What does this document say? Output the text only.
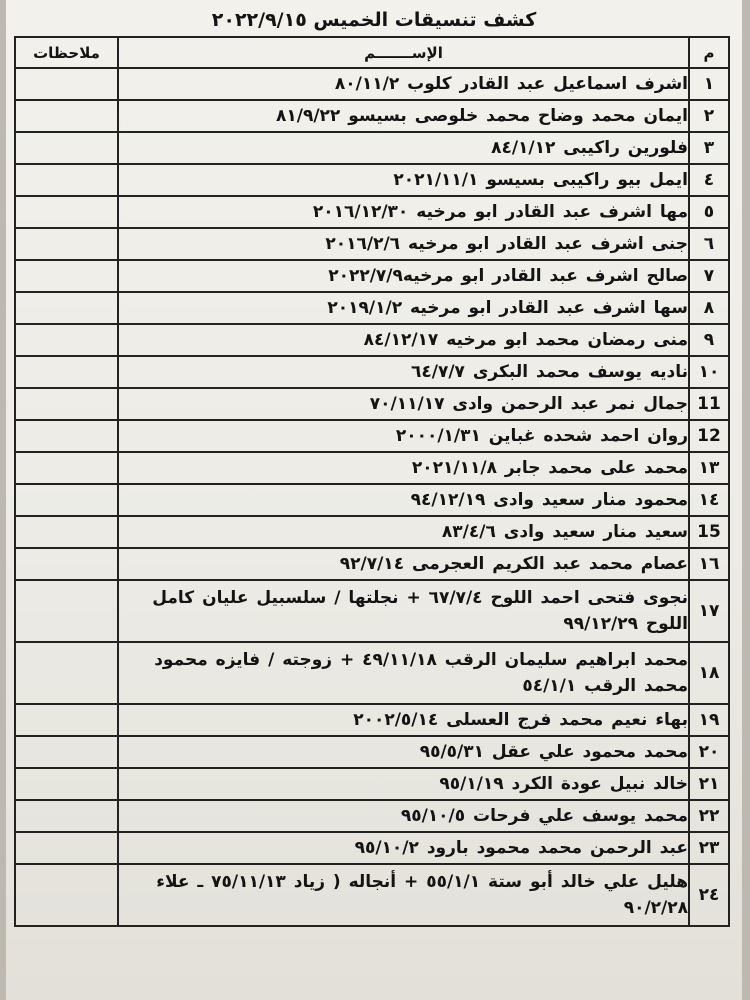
كشف تنسيقات الخميس ٢٠٢٢/٩/١٥
م	الإســـــــم	ملاحظات
١	اشرف اسماعيل عبد القادر كلوب ٨٠/١١/٢	
٢	ايمان محمد وضاح محمد خلوصى بسيسو ٨١/٩/٢٢	
٣	فلورين راكيبى ٨٤/١/١٢	
٤	ايمل بيو راكيبى بسيسو ٢٠٢١/١١/١	
٥	مها اشرف عبد القادر ابو مرخيه ٢٠١٦/١٢/٣٠	
٦	جنى اشرف عبد القادر ابو مرخيه ٢٠١٦/٢/٦	
٧	صالح اشرف عبد القادر ابو مرخيه٢٠٢٢/٧/٩	
٨	سها اشرف عبد القادر ابو مرخيه ٢٠١٩/١/٢	
٩	منى رمضان محمد ابو مرخيه ٨٤/١٢/١٧	
١٠	ناديه يوسف محمد البكرى ٦٤/٧/٧	
11	جمال نمر عبد الرحمن وادى ٧٠/١١/١٧	
12	روان احمد شحده غباين ٢٠٠٠/١/٣١	
١٣	محمد على محمد جابر ٢٠٢١/١١/٨	
١٤	محمود منار سعيد وادى ٩٤/١٢/١٩	
15	سعيد منار سعيد وادى ٨٣/٤/٦	
١٦	عصام محمد عبد الكريم العجرمى ٩٢/٧/١٤	
١٧	نجوى فتحى احمد اللوح ٦٧/٧/٤ + نجلتها / سلسبيل عليان كامل اللوح ٩٩/١٢/٢٩	
١٨	محمد ابراهيم سليمان الرقب ٤٩/١١/١٨ + زوجته / فايزه محمود محمد الرقب ٥٤/١/١	
١٩	بهاء نعيم محمد فرج العسلى ٢٠٠٢/٥/١٤	
٢٠	محمد محمود علي عقل ٩٥/٥/٣١	
٢١	خالد نبيل عودة الكرد ٩٥/١/١٩	
٢٢	محمد يوسف علي فرحات ٩٥/١٠/٥	
٢٣	عبد الرحمن محمد محمود بارود ٩٥/١٠/٢	
٢٤	هليل علي خالد أبو ستة ٥٥/١/١ + أنجاله ( زياد ٧٥/١١/١٣ ـ علاء ٩٠/٢/٢٨	
